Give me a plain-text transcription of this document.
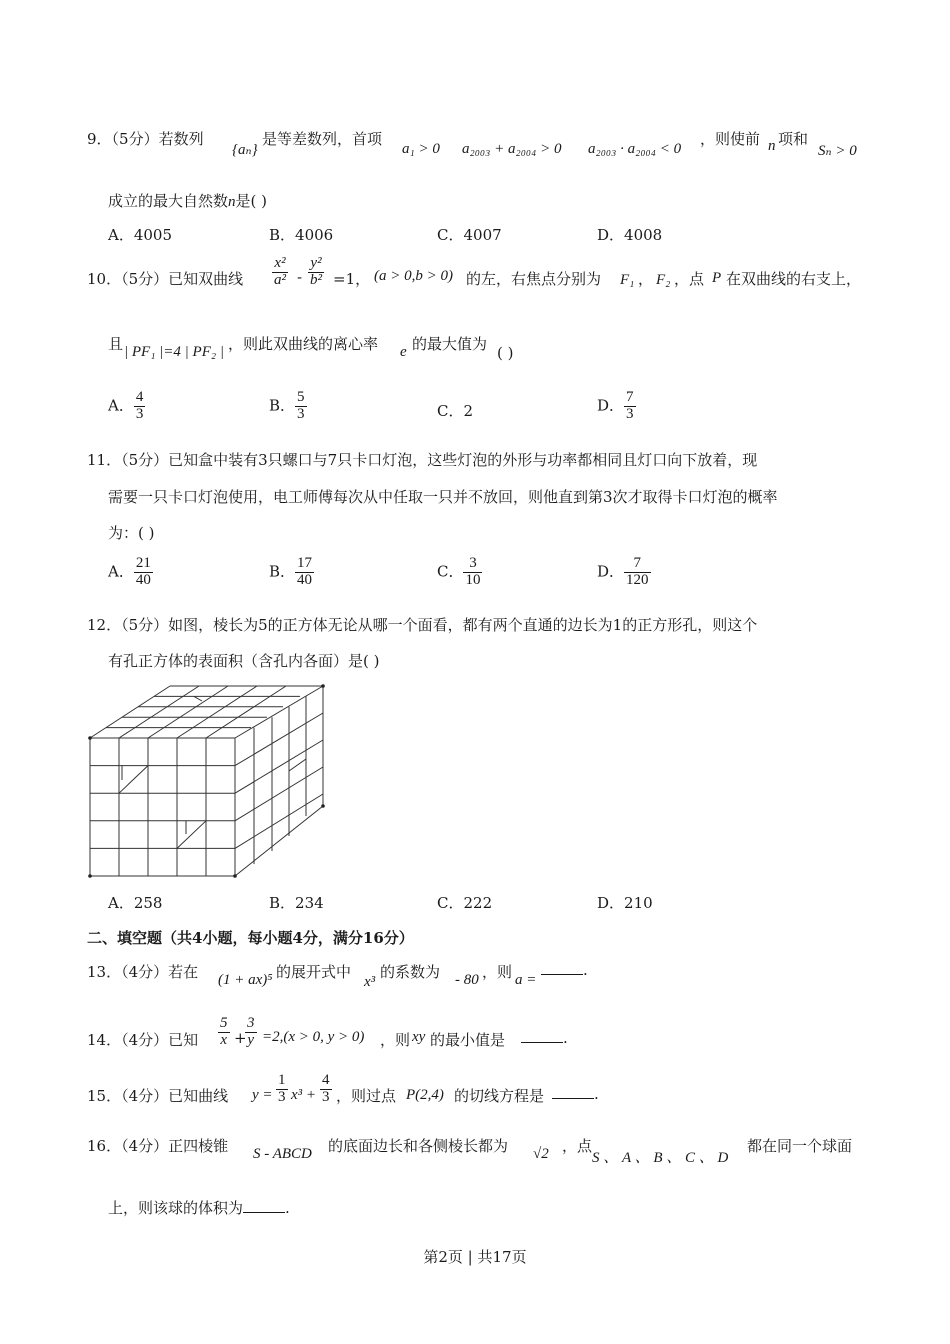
9．（5分）若数列
{aₙ}
是等差数列，首项
a₁ > 0 a₂₀₀₃ + a₂₀₀₄ > 0 a₂₀₀₃ · a₂₀₀₄ < 0
，则使前 n 项和
Sₙ > 0
成立的最大自然数n是( )
A．4005	B．4006	C．4007	D．4008
10．（5分）已知双曲线 $\frac{\text{x²}}{\text{a²}} - \frac{\text{y²}}{\text{b²}} =1$， (a > 0,b > 0) 的左，右焦点分别为 F₁ ， F₂ ，点 P 在双曲线的右支上，
且 | PF₁ |=4 | PF₂ | ，则此双曲线的离心率 e 的最大值为 ( )
A． $\frac{4}{3}$	B． $\frac{5}{3}$	C．2	D． $\frac{7}{3}$
11．（5分）已知盒中装有3只螺口与7只卡口灯泡，这些灯泡的外形与功率都相同且灯口向下放着，现
需要一只卡口灯泡使用，电工师傅每次从中任取一只并不放回，则他直到第3次才取得卡口灯泡的概率
为：( )
A． $\frac{21}{40}$	B． $\frac{17}{40}$	C． $\frac{3}{10}$	D． $\frac{7}{120}$
12．（5分）如图，棱长为5的正方体无论从哪一个面看，都有两个直通的边长为1的正方形孔，则这个
有孔正方体的表面积（含孔内各面）是( )
A．258	B．234	C．222	D．210
二、填空题（共4小题，每小题4分，满分16分）
13．（4分）若在 (1 + ax)⁵ 的展开式中
x³
的系数为 - 80 ，则 a =
.
14．（4分）已知 $\frac{5}{x}$ +
$\frac{3}{y} =2,(x > 0$, y > 0) ，则 xy 的最小值是	.
15．（4分）已知曲线 $y = \frac{1}{3} x^3 + \frac{4}{3}$ ，则过点 P(2,4) 的切线方程是	.
16．（4分）正四棱锥 S - ABCD 的底面边长和各侧棱长都为 √2 ，点
S 、 A 、 B 、 C 、 D
都在同一个球面
上，则该球的体积为	.
第2页 | 共17页
